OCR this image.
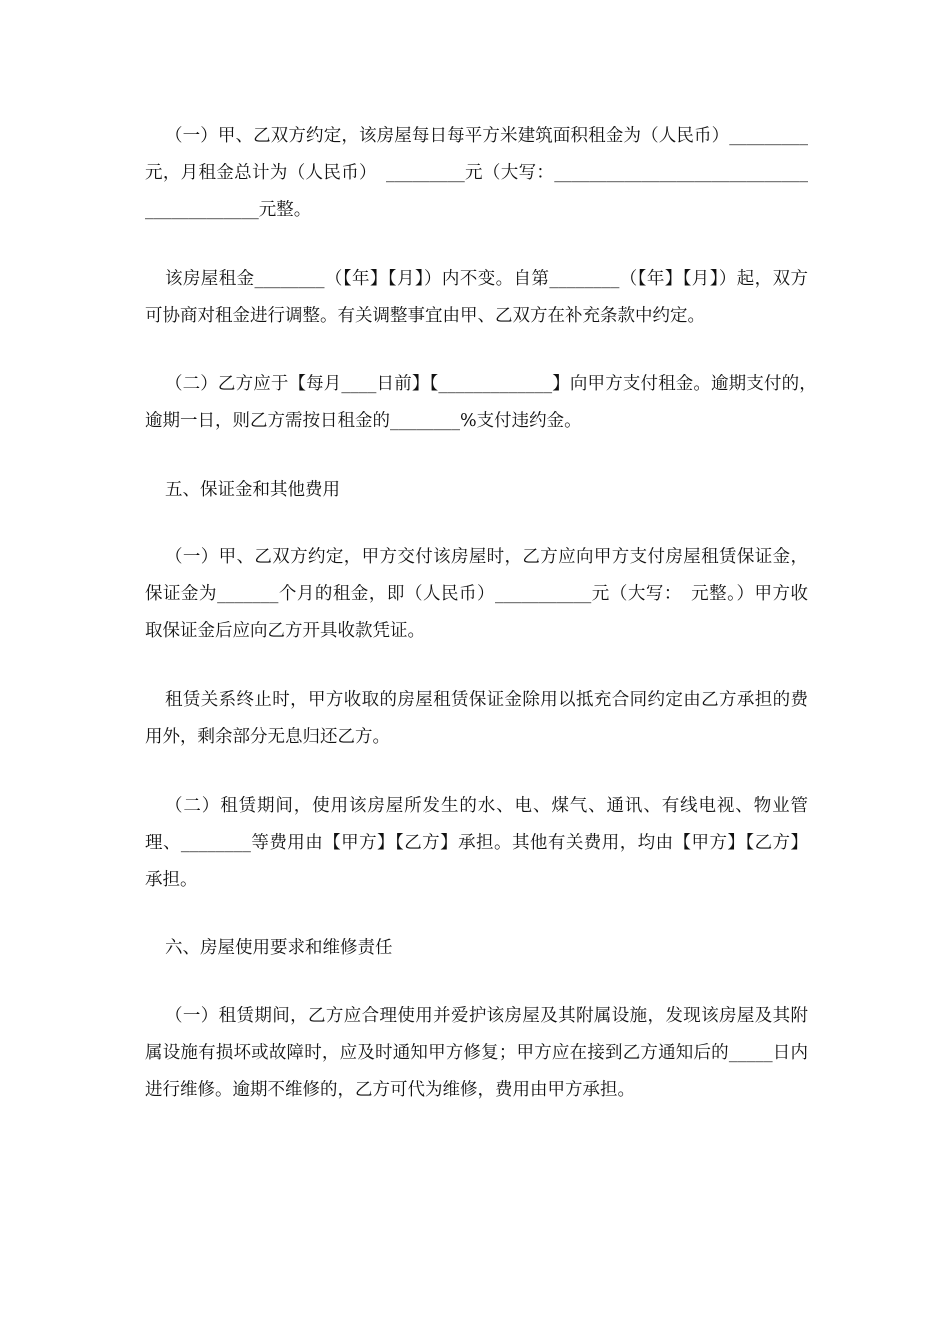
（一）甲、乙双方约定，该房屋每日每平方米建筑面积租金为（人民币）_________元，月租金总计为（人民币）　_________元（大写：__________________________________________元整。

该房屋租金________（【年】【月】）内不变。自第________（【年】【月】）起，双方可协商对租金进行调整。有关调整事宜由甲、乙双方在补充条款中约定。

（二）乙方应于【每月____日前】【_____________】向甲方支付租金。逾期支付的，　逾期一日，则乙方需按日租金的________%支付违约金。

五、保证金和其他费用

（一）甲、乙双方约定，甲方交付该房屋时，乙方应向甲方支付房屋租赁保证金，保证金为_______个月的租金，即（人民币）___________元（大写：　元整。）甲方收取保证金后应向乙方开具收款凭证。

租赁关系终止时，甲方收取的房屋租赁保证金除用以抵充合同约定由乙方承担的费用外，剩余部分无息归还乙方。

（二）租赁期间，使用该房屋所发生的水、电、煤气、通讯、有线电视、物业管理、________等费用由【甲方】【乙方】承担。其他有关费用，均由【甲方】【乙方】承担。

六、房屋使用要求和维修责任

（一）租赁期间，乙方应合理使用并爱护该房屋及其附属设施，发现该房屋及其附属设施有损坏或故障时，应及时通知甲方修复；甲方应在接到乙方通知后的_____日内进行维修。逾期不维修的，乙方可代为维修，费用由甲方承担。
